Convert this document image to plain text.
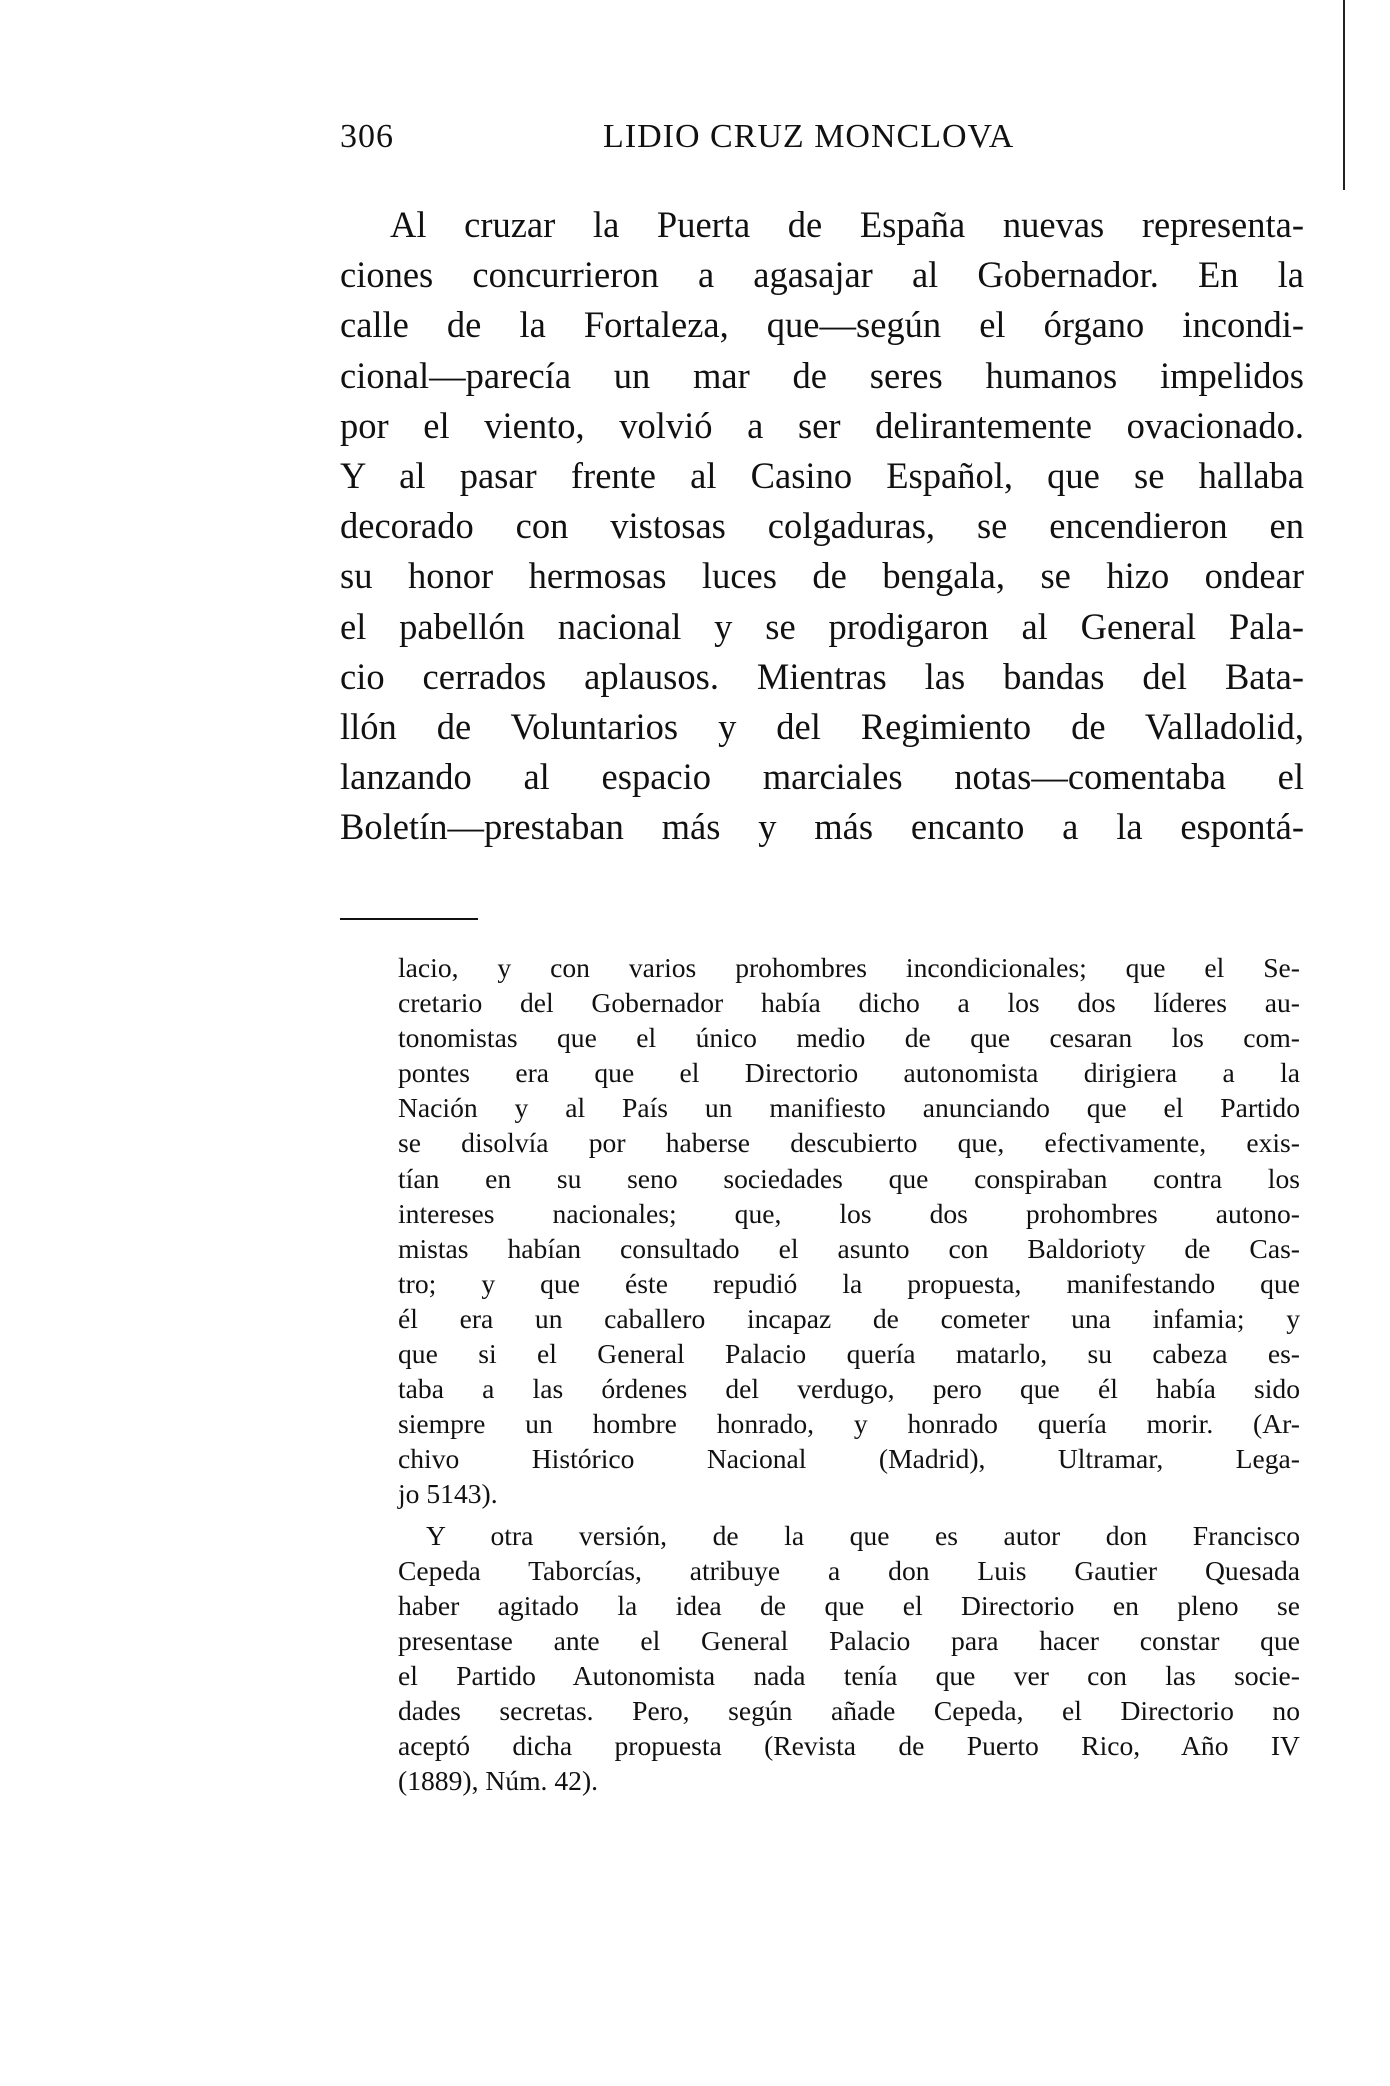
306	LIDIO CRUZ MONCLOVA
Al cruzar la Puerta de España nuevas representa-
ciones concurrieron a agasajar al Gobernador. En la
calle de la Fortaleza, que—según el órgano incondi-
cional—parecía un mar de seres humanos impelidos
por el viento, volvió a ser delirantemente ovacionado.
Y al pasar frente al Casino Español, que se hallaba
decorado con vistosas colgaduras, se encendieron en
su honor hermosas luces de bengala, se hizo ondear
el pabellón nacional y se prodigaron al General Pala-
cio cerrados aplausos. Mientras las bandas del Bata-
llón de Voluntarios y del Regimiento de Valladolid,
lanzando al espacio marciales notas—comentaba el
Boletín—prestaban más y más encanto a la espontá-
lacio, y con varios prohombres incondicionales; que el Se-
cretario del Gobernador había dicho a los dos líderes au-
tonomistas que el único medio de que cesaran los com-
pontes era que el Directorio autonomista dirigiera a la
Nación y al País un manifiesto anunciando que el Partido
se disolvía por haberse descubierto que, efectivamente, exis-
tían en su seno sociedades que conspiraban contra los
intereses nacionales; que, los dos prohombres autono-
mistas habían consultado el asunto con Baldorioty de Cas-
tro; y que éste repudió la propuesta, manifestando que
él era un caballero incapaz de cometer una infamia; y
que si el General Palacio quería matarlo, su cabeza es-
taba a las órdenes del verdugo, pero que él había sido
siempre un hombre honrado, y honrado quería morir. (Ar-
chivo Histórico Nacional (Madrid), Ultramar, Lega-
jo 5143).
Y otra versión, de la que es autor don Francisco
Cepeda Taborcías, atribuye a don Luis Gautier Quesada
haber agitado la idea de que el Directorio en pleno se
presentase ante el General Palacio para hacer constar que
el Partido Autonomista nada tenía que ver con las socie-
dades secretas. Pero, según añade Cepeda, el Directorio no
aceptó dicha propuesta (Revista de Puerto Rico, Año IV
(1889), Núm. 42).
